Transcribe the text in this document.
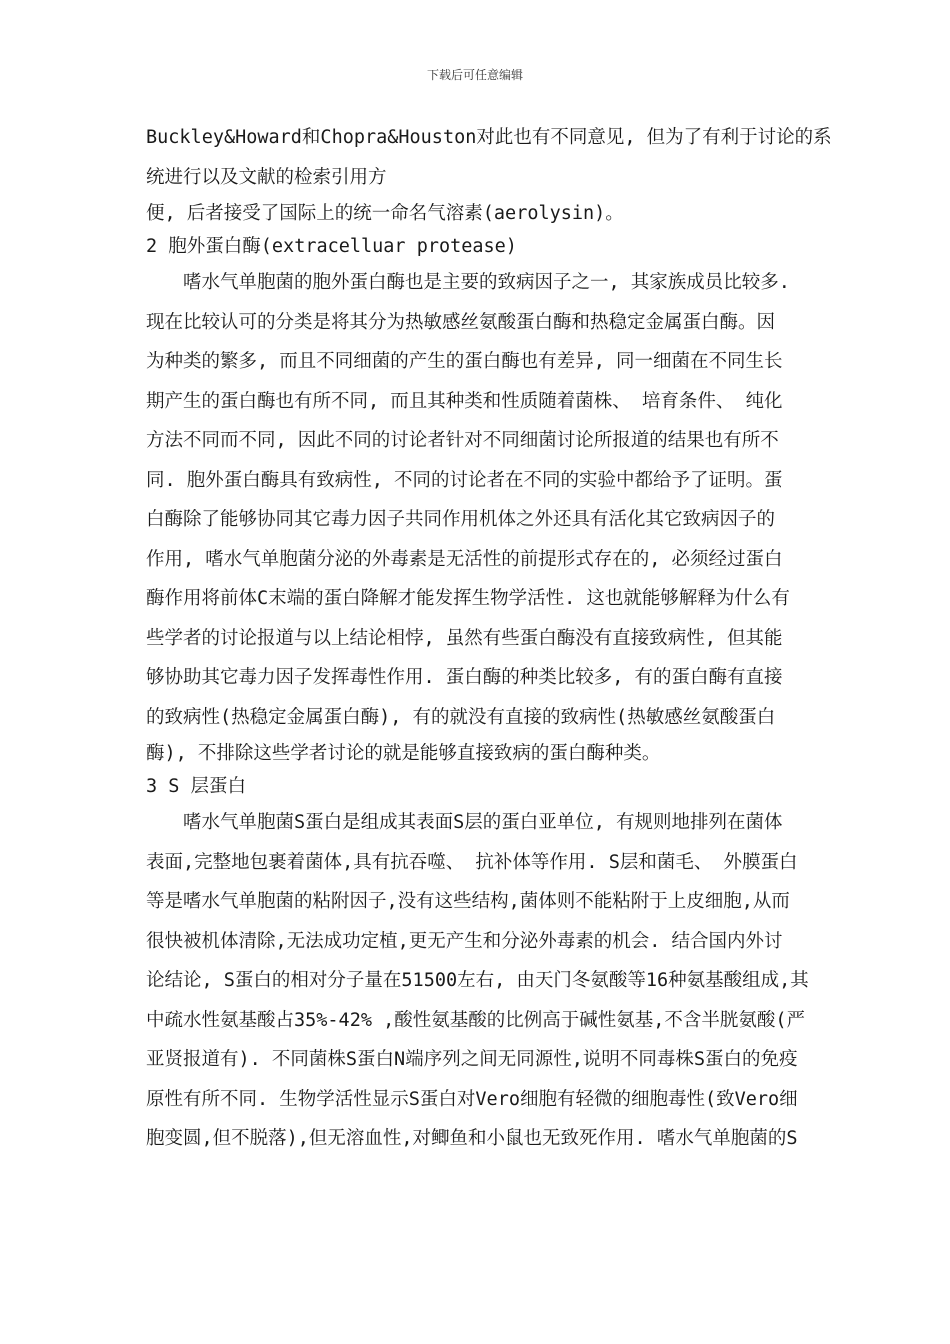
下载后可任意编辑
Buckley&Howard和Chopra&Houston对此也有不同意见, 但为了有利于讨论的系
统进行以及文献的检索引用方
便, 后者接受了国际上的统一命名气溶素(aerolysin)。
2 胞外蛋白酶(extracelluar protease)
嗜水气单胞菌的胞外蛋白酶也是主要的致病因子之一, 其家族成员比较多.
现在比较认可的分类是将其分为热敏感丝氨酸蛋白酶和热稳定金属蛋白酶。因
为种类的繁多, 而且不同细菌的产生的蛋白酶也有差异, 同一细菌在不同生长
期产生的蛋白酶也有所不同, 而且其种类和性质随着菌株、 培育条件、 纯化
方法不同而不同, 因此不同的讨论者针对不同细菌讨论所报道的结果也有所不
同. 胞外蛋白酶具有致病性, 不同的讨论者在不同的实验中都给予了证明。蛋
白酶除了能够协同其它毒力因子共同作用机体之外还具有活化其它致病因子的
作用, 嗜水气单胞菌分泌的外毒素是无活性的前提形式存在的, 必须经过蛋白
酶作用将前体C末端的蛋白降解才能发挥生物学活性. 这也就能够解释为什么有
些学者的讨论报道与以上结论相悖, 虽然有些蛋白酶没有直接致病性, 但其能
够协助其它毒力因子发挥毒性作用. 蛋白酶的种类比较多, 有的蛋白酶有直接
的致病性(热稳定金属蛋白酶), 有的就没有直接的致病性(热敏感丝氨酸蛋白
酶), 不排除这些学者讨论的就是能够直接致病的蛋白酶种类。
3 S 层蛋白
嗜水气单胞菌S蛋白是组成其表面S层的蛋白亚单位, 有规则地排列在菌体
表面,完整地包裹着菌体,具有抗吞噬、 抗补体等作用. S层和菌毛、 外膜蛋白
等是嗜水气单胞菌的粘附因子,没有这些结构,菌体则不能粘附于上皮细胞,从而
很快被机体清除,无法成功定植,更无产生和分泌外毒素的机会. 结合国内外讨
论结论, S蛋白的相对分子量在51500左右, 由天门冬氨酸等16种氨基酸组成,其
中疏水性氨基酸占35%-42% ,酸性氨基酸的比例高于碱性氨基,不含半胱氨酸(严
亚贤报道有). 不同菌株S蛋白N端序列之间无同源性,说明不同毒株S蛋白的免疫
原性有所不同. 生物学活性显示S蛋白对Vero细胞有轻微的细胞毒性(致Vero细
胞变圆,但不脱落),但无溶血性,对鲫鱼和小鼠也无致死作用. 嗜水气单胞菌的S
